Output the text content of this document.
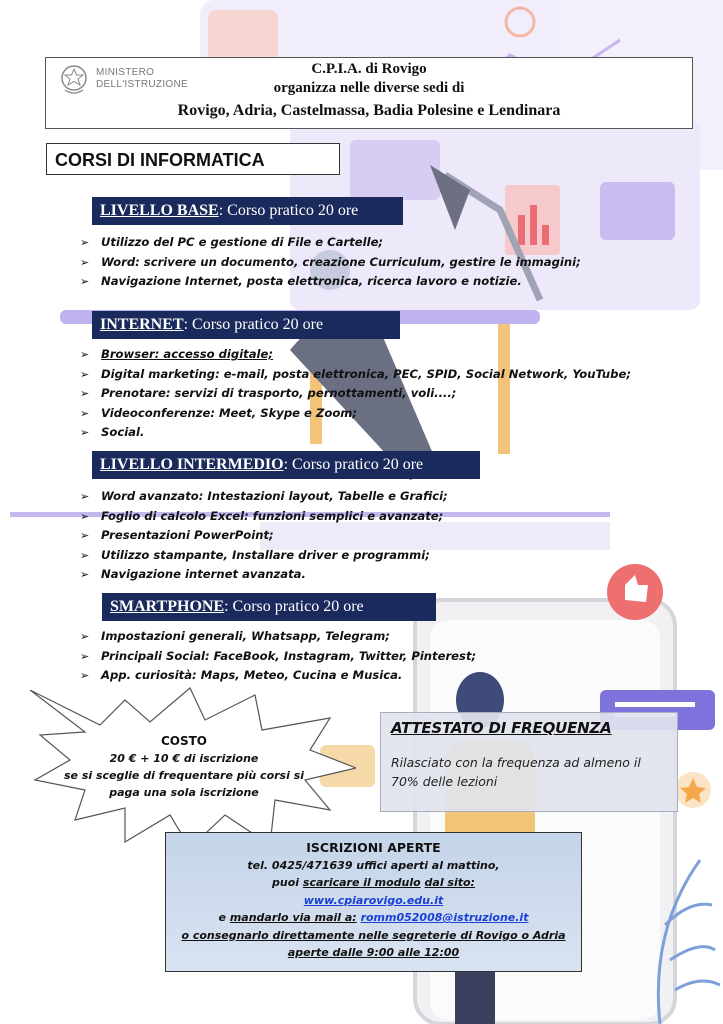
MINISTERO
DELL'ISTRUZIONE
C.P.I.A. di Rovigo
organizza nelle diverse sedi di
Rovigo, Adria, Castelmassa, Badia Polesine e Lendinara
CORSI DI INFORMATICA
LIVELLO BASE: Corso pratico 20 ore
➢ Utilizzo del PC e gestione di File e Cartelle;
➢ Word: scrivere un documento, creazione Curriculum, gestire le immagini;
➢ Navigazione Internet, posta elettronica, ricerca lavoro e notizie.
INTERNET: Corso pratico 20 ore
➢ Browser: accesso digitale;
➢ Digital marketing: e-mail, posta elettronica, PEC, SPID, Social Network, YouTube;
➢ Prenotare: servizi di trasporto, pernottamenti, voli....;
➢ Videoconferenze: Meet, Skype e Zoom;
➢ Social.
LIVELLO INTERMEDIO: Corso pratico 20 ore
➢ Word avanzato: Intestazioni layout, Tabelle e Grafici;
➢ Foglio di calcolo Excel: funzioni semplici e avanzate;
➢ Presentazioni PowerPoint;
➢ Utilizzo stampante, Installare driver e programmi;
➢ Navigazione internet avanzata.
SMARTPHONE: Corso pratico 20 ore
➢ Impostazioni generali, Whatsapp, Telegram;
➢ Principali Social: FaceBook, Instagram, Twitter, Pinterest;
➢ App. curiosità: Maps, Meteo, Cucina e Musica.
COSTO
20 € + 10 € di iscrizione
se si sceglie di frequentare più corsi si
paga una sola iscrizione
ATTESTATO DI FREQUENZA
Rilasciato con la frequenza ad almeno il 70% delle lezioni
ISCRIZIONI APERTE
tel. 0425/471639 uffici aperti al mattino,
puoi scaricare il modulo dal sito:
www.cpiarovigo.edu.it
e mandarlo via mail a: romm052008@istruzione.it
o consegnarlo direttamente nelle segreterie di Rovigo o Adria
aperte dalle 9:00 alle 12:00
